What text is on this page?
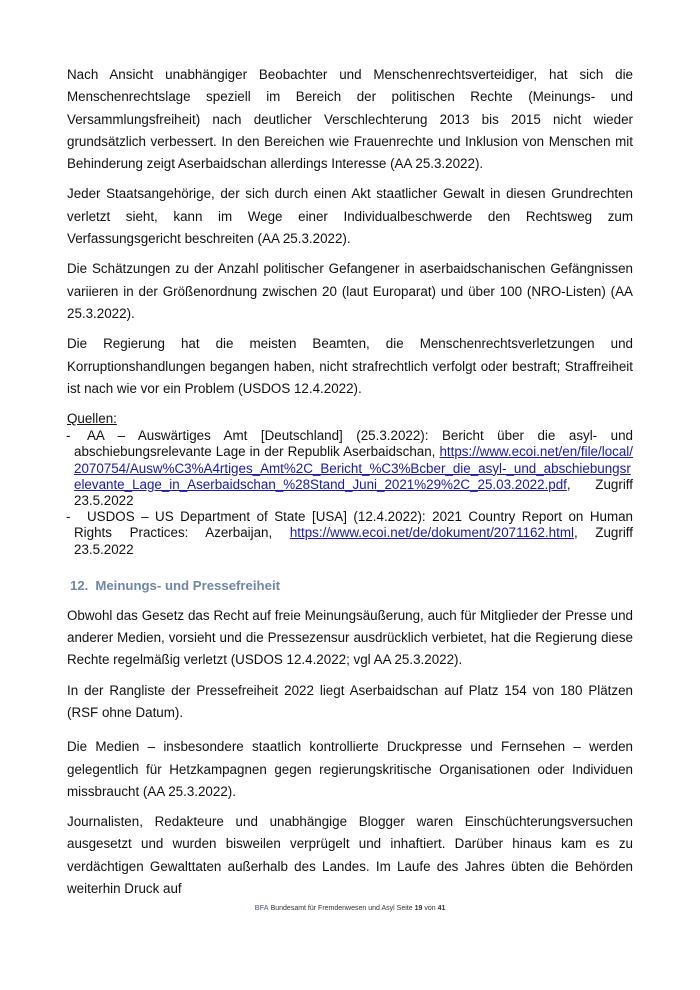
Nach Ansicht unabhängiger Beobachter und Menschenrechtsverteidiger, hat sich die Menschenrechtslage speziell im Bereich der politischen Rechte (Meinungs- und Versammlungsfreiheit) nach deutlicher Verschlechterung 2013 bis 2015 nicht wieder grundsätzlich verbessert. In den Bereichen wie Frauenrechte und Inklusion von Menschen mit Behinderung zeigt Aserbaidschan allerdings Interesse (AA 25.3.2022).

Jeder Staatsangehörige, der sich durch einen Akt staatlicher Gewalt in diesen Grundrechten verletzt sieht, kann im Wege einer Individualbeschwerde den Rechtsweg zum Verfassungsgericht beschreiten (AA 25.3.2022).

Die Schätzungen zu der Anzahl politischer Gefangener in aserbaidschanischen Gefängnissen variieren in der Größenordnung zwischen 20 (laut Europarat) und über 100 (NRO-Listen) (AA 25.3.2022).

Die Regierung hat die meisten Beamten, die Menschenrechtsverletzungen und Korruptionshandlungen begangen haben, nicht strafrechtlich verfolgt oder bestraft; Straffreiheit ist nach wie vor ein Problem (USDOS 12.4.2022).

Quellen:

- AA – Auswärtiges Amt [Deutschland] (25.3.2022): Bericht über die asyl- und abschiebungsrelevante Lage in der Republik Aserbaidschan, https://www.ecoi.net/en/file/local/2070754/Ausw%C3%A4rtiges_Amt%2C_Bericht_%C3%Bcber_die_asyl-_und_abschiebungsrelevante_Lage_in_Aserbaidschan_%28Stand_Juni_2021%29%2C_25.03.2022.pdf, Zugriff 23.5.2022
- USDOS – US Department of State [USA] (12.4.2022): 2021 Country Report on Human Rights Practices: Azerbaijan, https://www.ecoi.net/de/dokument/2071162.html, Zugriff 23.5.2022
12. Meinungs- und Pressefreiheit

Obwohl das Gesetz das Recht auf freie Meinungsäußerung, auch für Mitglieder der Presse und anderer Medien, vorsieht und die Pressezensur ausdrücklich verbietet, hat die Regierung diese Rechte regelmäßig verletzt (USDOS 12.4.2022; vgl AA 25.3.2022).

In der Rangliste der Pressefreiheit 2022 liegt Aserbaidschan auf Platz 154 von 180 Plätzen (RSF ohne Datum).

Die Medien – insbesondere staatlich kontrollierte Druckpresse und Fernsehen – werden gelegentlich für Hetzkampagnen gegen regierungskritische Organisationen oder Individuen missbraucht (AA 25.3.2022).

Journalisten, Redakteure und unabhängige Blogger waren Einschüchterungsversuchen ausgesetzt und wurden bisweilen verprügelt und inhaftiert. Darüber hinaus kam es zu verdächtigen Gewalttaten außerhalb des Landes. Im Laufe des Jahres übten die Behörden weiterhin Druck auf

BFA Bundesamt für Fremdenwesen und Asyl Seite 19 von 41
